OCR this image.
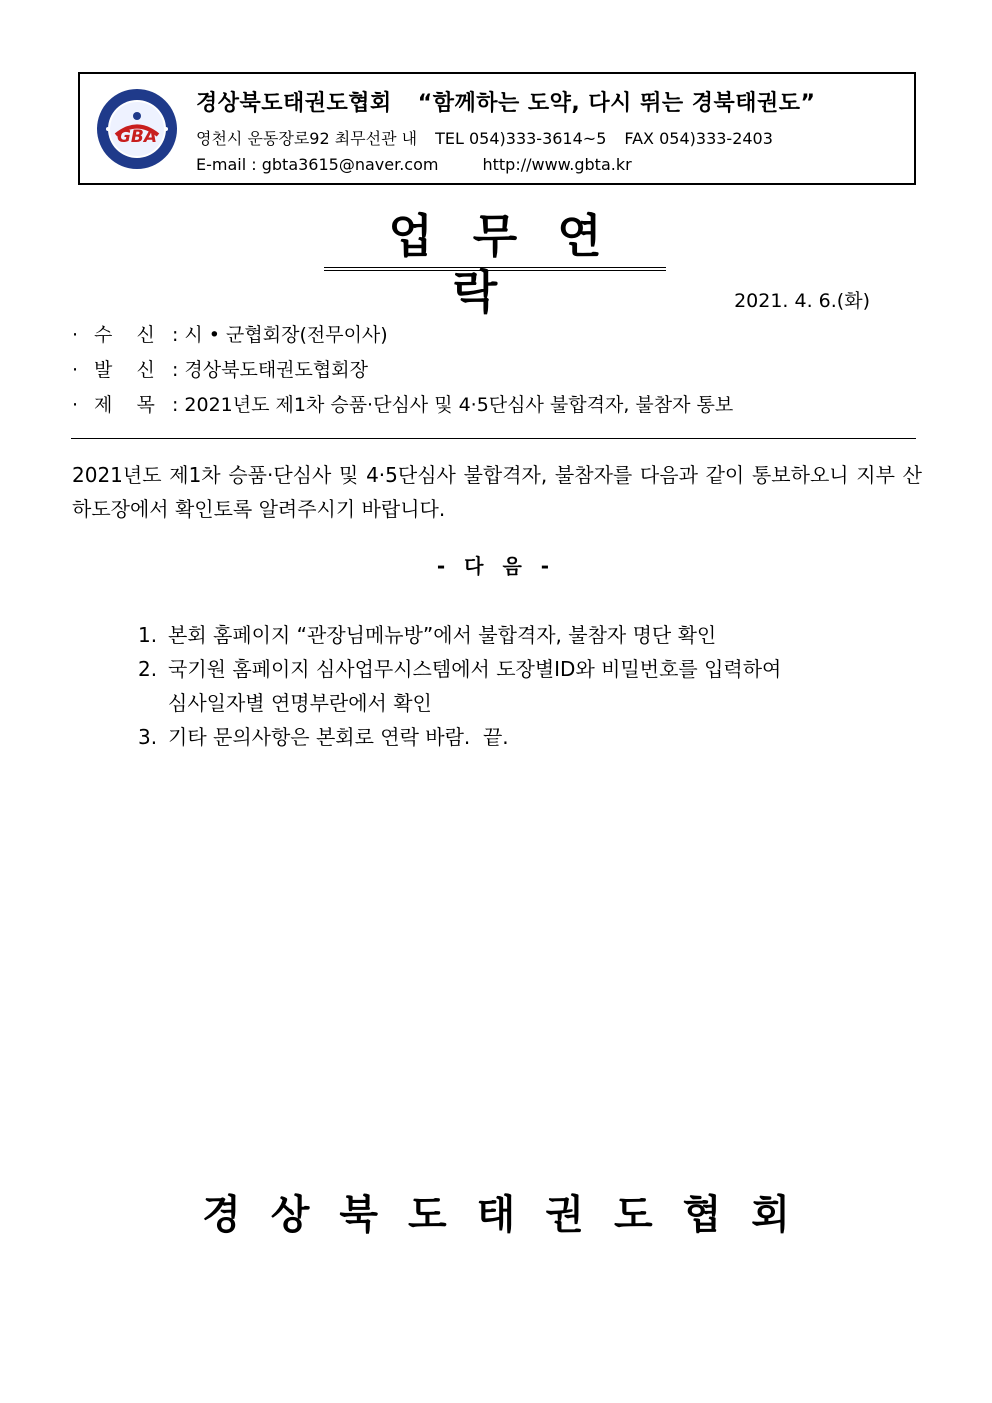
GBA
경상북도태권도협회 “함께하는 도약, 다시 뛰는 경북태권도”
영천시 운동장로92 최무선관 내 TEL 054)333-3614~5 FAX 054)333-2403
E-mail : gbta3615@naver.com	http://www.gbta.kr
업무연락	2021. 4. 6.(화)
· 수    신 : 시 • 군협회장(전무이사)
· 발    신 : 경상북도태권도협회장
· 제    목 : 2021년도 제1차 승품·단심사 및 4·5단심사 불합격자, 불참자 통보
2021년도 제1차 승품·단심사 및 4·5단심사 불합격자, 불참자를 다음과 같이 통보하오니 지부 산하도장에서 확인토록 알려주시기 바랍니다.
- 다 음 -
1. 본회 홈페이지 “관장님메뉴방”에서 불합격자, 불참자 명단 확인
2. 국기원 홈페이지 심사업무시스템에서 도장별ID와 비밀번호를 입력하여
심사일자별 연명부란에서 확인
3. 기타 문의사항은 본회로 연락 바람.  끝.
경상북도태권도협회
